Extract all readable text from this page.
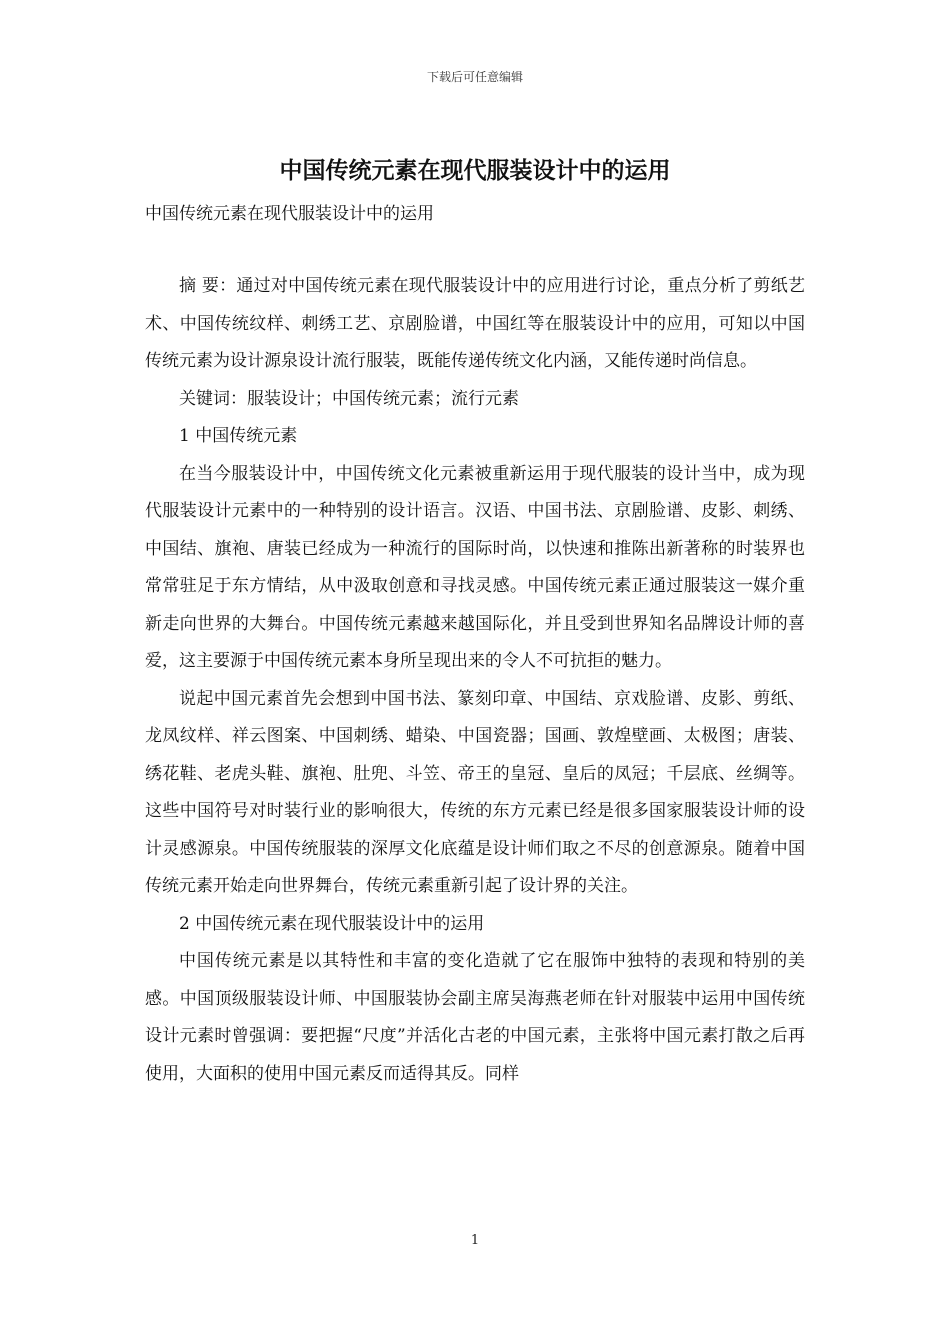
下载后可任意编辑
中国传统元素在现代服装设计中的运用

中国传统元素在现代服装设计中的运用

摘 要：通过对中国传统元素在现代服装设计中的应用进行讨论，重点分析了剪纸艺术、中国传统纹样、刺绣工艺、京剧脸谱，中国红等在服装设计中的应用，可知以中国传统元素为设计源泉设计流行服装，既能传递传统文化内涵，又能传递时尚信息。

关键词：服装设计；中国传统元素；流行元素

1 中国传统元素

在当今服装设计中，中国传统文化元素被重新运用于现代服装的设计当中，成为现代服装设计元素中的一种特别的设计语言。汉语、中国书法、京剧脸谱、皮影、刺绣、中国结、旗袍、唐装已经成为一种流行的国际时尚，以快速和推陈出新著称的时装界也常常驻足于东方情结，从中汲取创意和寻找灵感。中国传统元素正通过服装这一媒介重新走向世界的大舞台。中国传统元素越来越国际化，并且受到世界知名品牌设计师的喜爱，这主要源于中国传统元素本身所呈现出来的令人不可抗拒的魅力。

说起中国元素首先会想到中国书法、篆刻印章、中国结、京戏脸谱、皮影、剪纸、龙凤纹样、祥云图案、中国刺绣、蜡染、中国瓷器；国画、敦煌壁画、太极图；唐装、绣花鞋、老虎头鞋、旗袍、肚兜、斗笠、帝王的皇冠、皇后的凤冠；千层底、丝绸等。这些中国符号对时装行业的影响很大，传统的东方元素已经是很多国家服装设计师的设计灵感源泉。中国传统服装的深厚文化底蕴是设计师们取之不尽的创意源泉。随着中国传统元素开始走向世界舞台，传统元素重新引起了设计界的关注。

2 中国传统元素在现代服装设计中的运用

中国传统元素是以其特性和丰富的变化造就了它在服饰中独特的表现和特别的美感。中国顶级服装设计师、中国服装协会副主席吴海燕老师在针对服装中运用中国传统设计元素时曾强调：要把握“尺度”并活化古老的中国元素，主张将中国元素打散之后再使用，大面积的使用中国元素反而适得其反。同样

1
